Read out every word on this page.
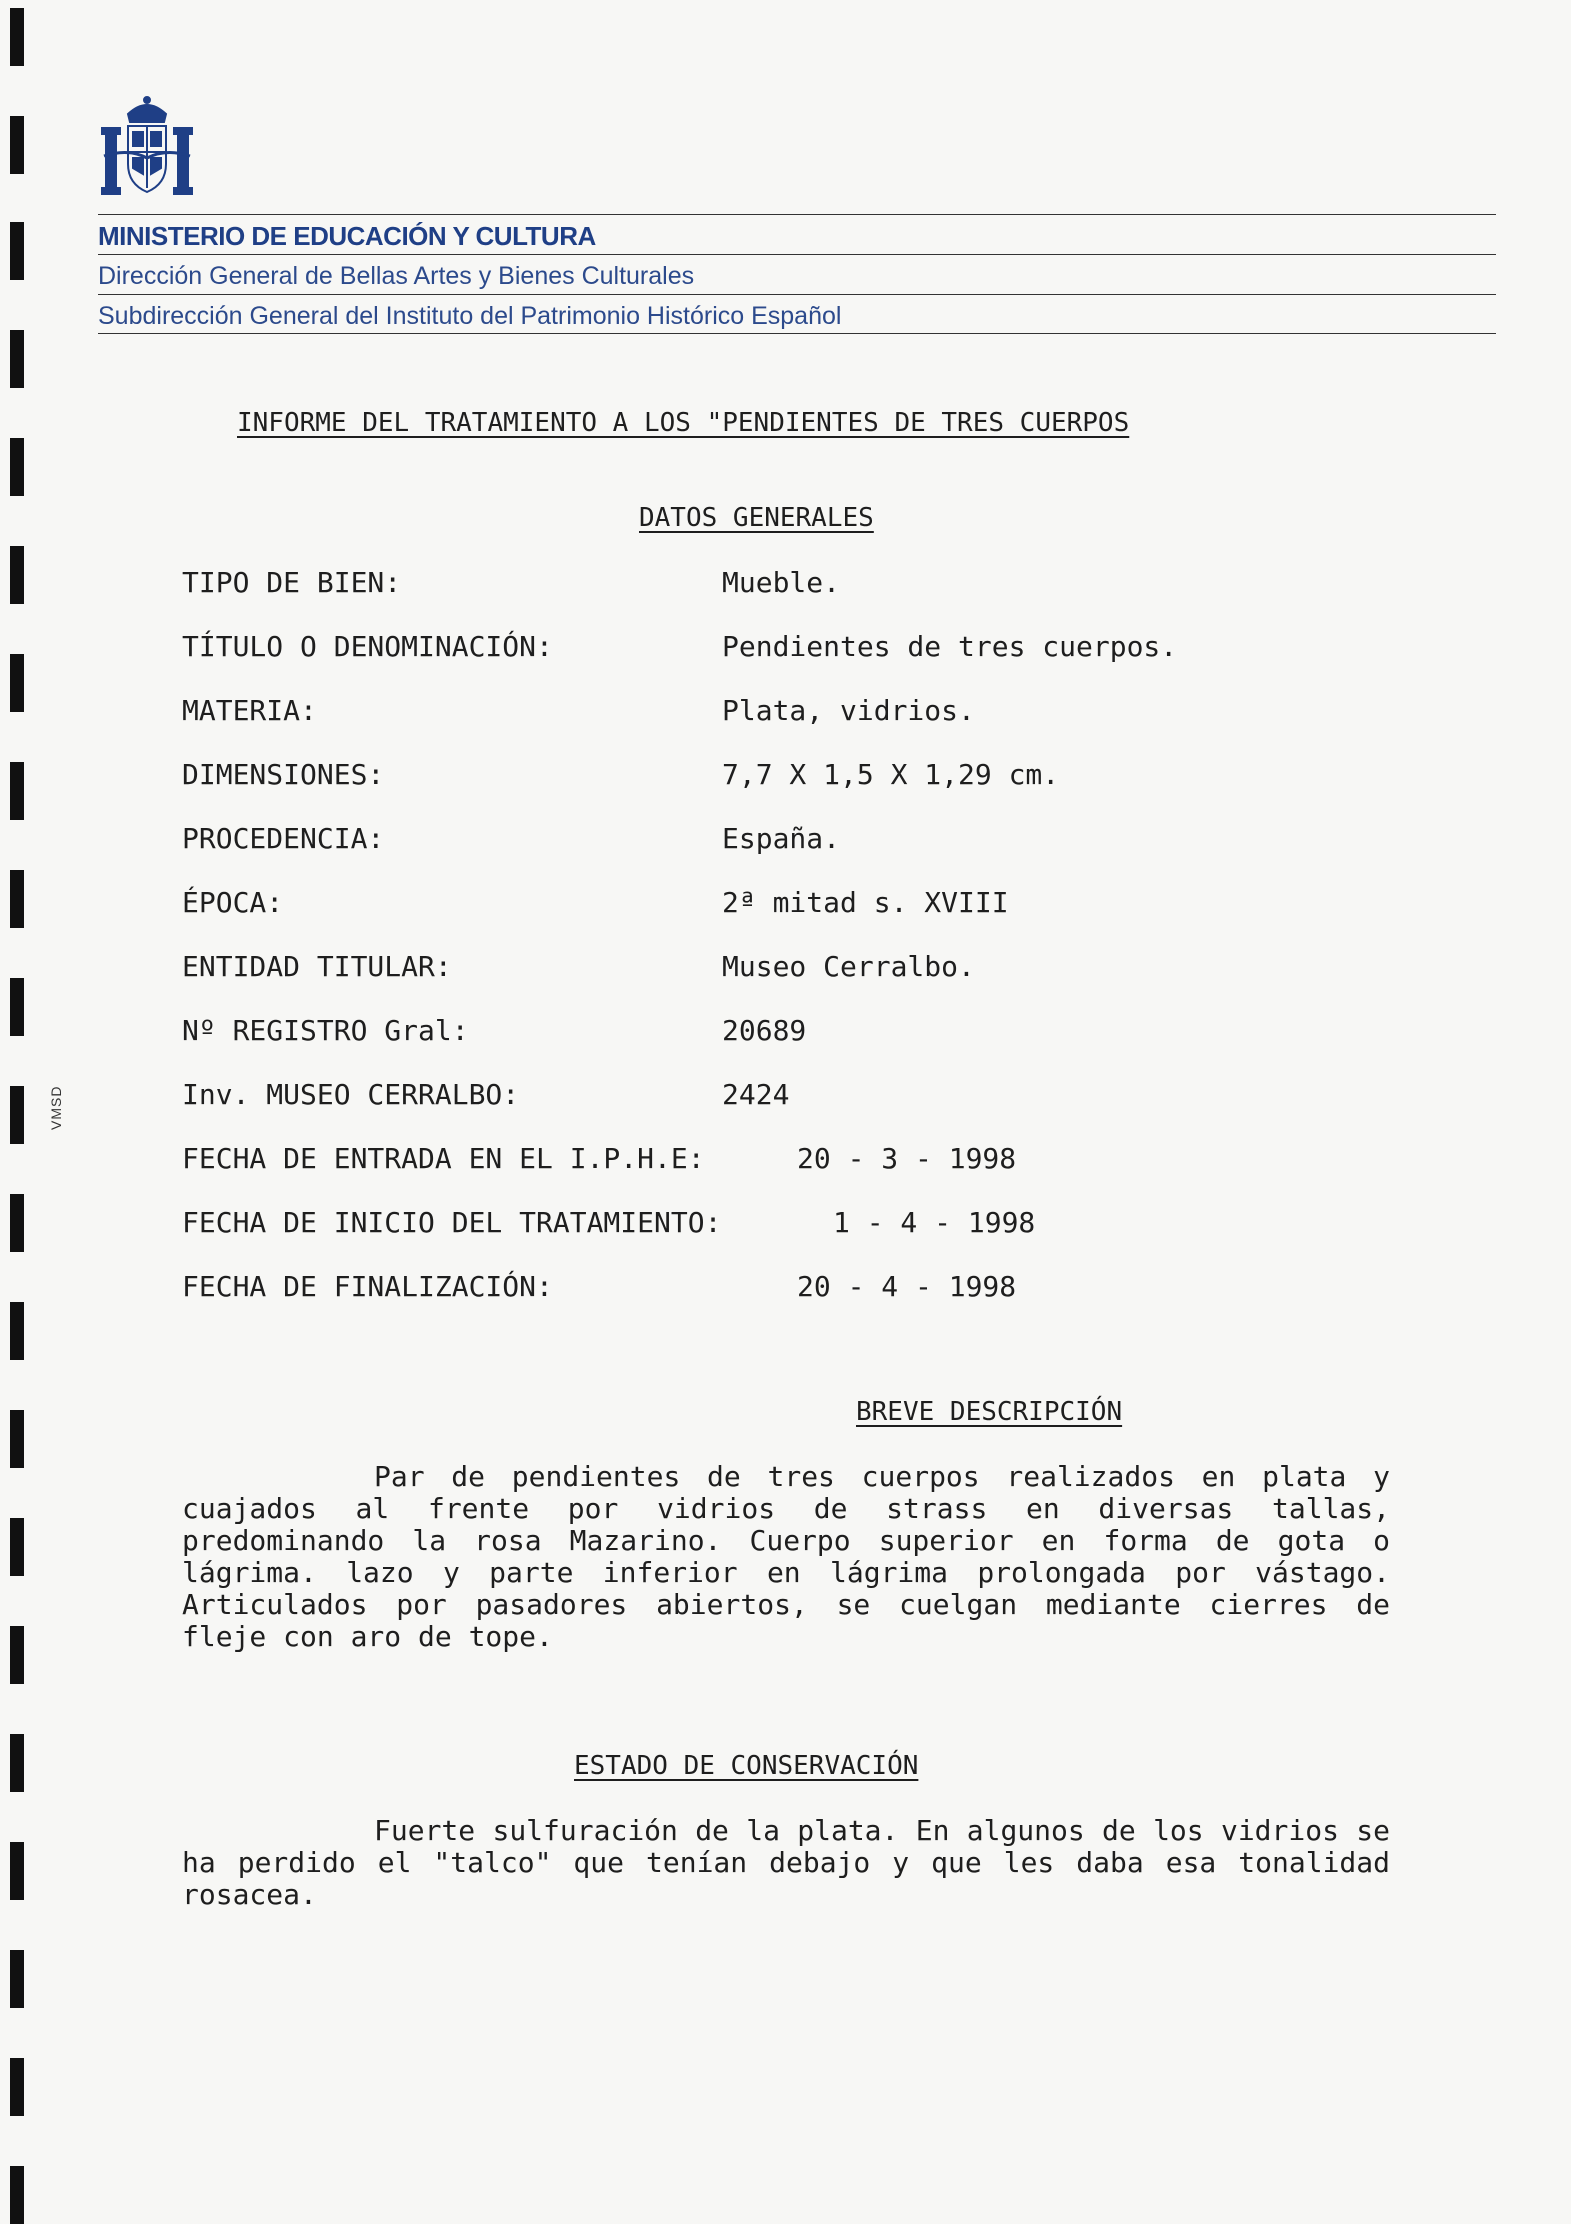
VMSD
MINISTERIO DE EDUCACIÓN Y CULTURA
Dirección General de Bellas Artes y Bienes Culturales
Subdirección General del Instituto del Patrimonio Histórico Español
INFORME DEL TRATAMIENTO A LOS "PENDIENTES DE TRES CUERPOS
DATOS GENERALES
TIPO DE BIEN:	Mueble.
TÍTULO O DENOMINACIÓN:	Pendientes de tres cuerpos.
MATERIA:	Plata, vidrios.
DIMENSIONES:	7,7 X 1,5 X 1,29 cm.
PROCEDENCIA:	España.
ÉPOCA:	2ª mitad s. XVIII
ENTIDAD TITULAR:	Museo Cerralbo.
Nº REGISTRO Gral:	20689
Inv. MUSEO CERRALBO:	2424
FECHA DE ENTRADA EN EL I.P.H.E:	20 - 3 - 1998
FECHA DE INICIO DEL TRATAMIENTO:	1 - 4 - 1998
FECHA DE FINALIZACIÓN:	20 - 4 - 1998
BREVE DESCRIPCIÓN
Par de pendientes de tres cuerpos realizados en plata y cuajados al frente por vidrios de strass en diversas tallas, predominando la rosa Mazarino. Cuerpo superior en forma de gota o lágrima. lazo y parte inferior en lágrima prolongada por vástago. Articulados por pasadores abiertos, se cuelgan mediante cierres de fleje con aro de tope.
ESTADO DE CONSERVACIÓN
Fuerte sulfuración de la plata. En algunos de los vidrios se ha perdido el "talco" que tenían debajo y que les daba esa tonalidad rosacea.
